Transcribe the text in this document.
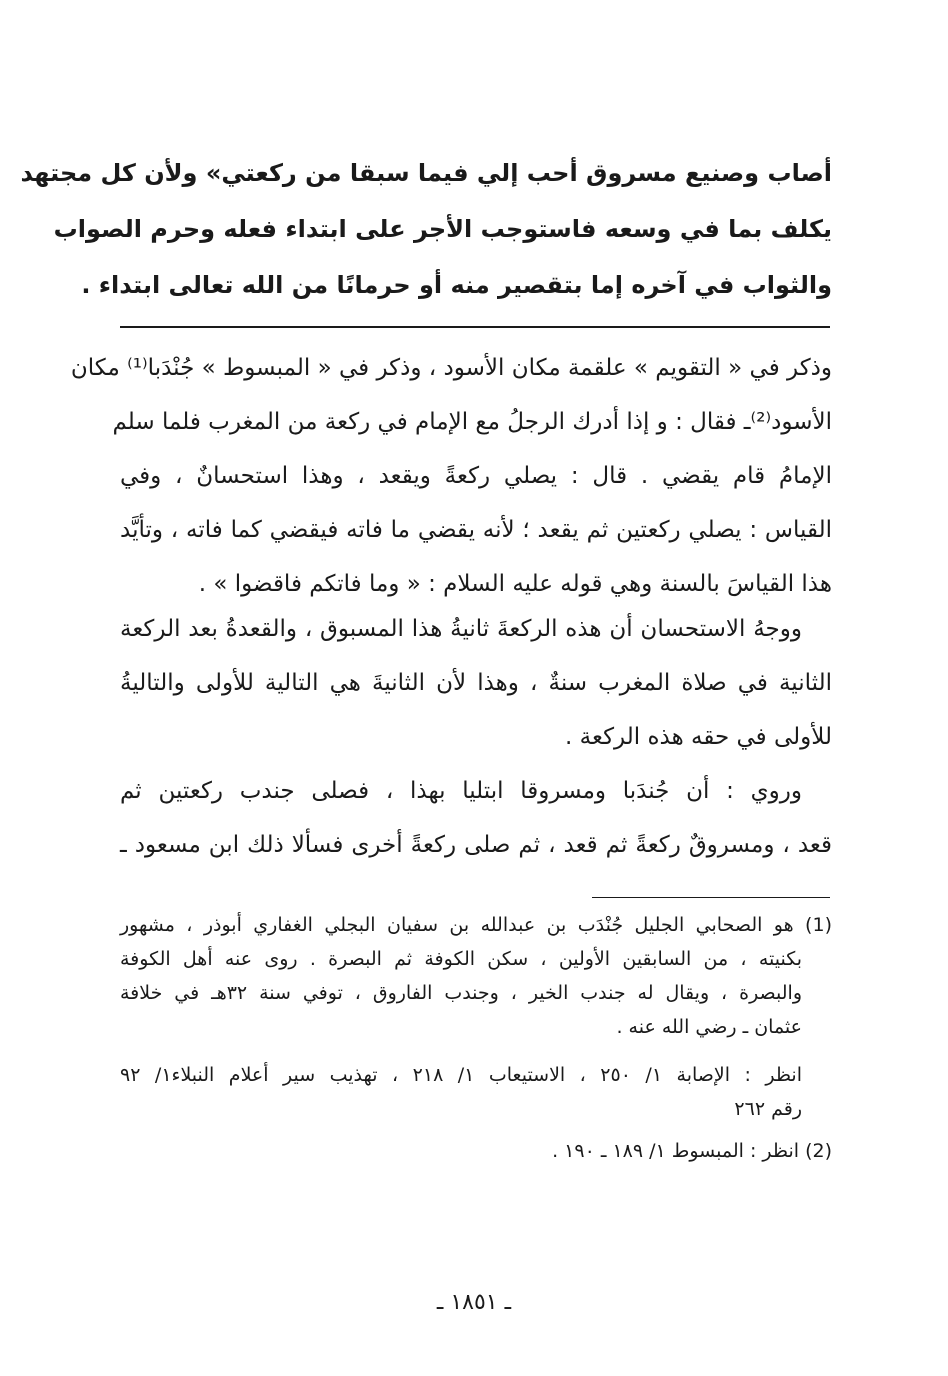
أصاب وصنيع مسروق أحب إلي فيما سبقا من ركعتي» ولأن كل مجتهد
يكلف بما في وسعه فاستوجب الأجر على ابتداء فعله وحرم الصواب
والثواب في آخره إما بتقصير منه أو حرمانًا من الله تعالى ابتداء .
وذكر في « التقويم » علقمة مكان الأسود ، وذكر في « المبسوط » جُنْدَبا⁽¹⁾ مكان
الأسود⁽²⁾ـ فقال : و إذا أدرك الرجلُ مع الإمام في ركعة من المغرب فلما سلم
الإمامُ قام يقضي . قال : يصلي ركعةً ويقعد ، وهذا استحسانٌ ، وفي
القياس : يصلي ركعتين ثم يقعد ؛ لأنه يقضي ما فاته فيقضي كما فاته ، وتأيَّد
هذا القياسَ بالسنة وهي قوله عليه السلام : « وما فاتكم فاقضوا » .
ووجهُ الاستحسان أن هذه الركعةَ ثانيةُ هذا المسبوق ، والقعدةُ بعد الركعة
الثانية في صلاة المغرب سنةٌ ، وهذا لأن الثانيةَ هي التالية للأولى والتاليةُ
للأولى في حقه هذه الركعة .
وروي : أن جُندَبا ومسروقا ابتليا بهذا ، فصلى جندب ركعتين ثم
قعد ، ومسروقٌ ركعةً ثم قعد ، ثم صلى ركعةً أخرى فسألا ذلك ابن مسعود ـ
(1) هو الصحابي الجليل جُنْدَب بن عبدالله بن سفيان البجلي الغفاري أبوذر ، مشهور
بكنيته ، من السابقين الأولين ، سكن الكوفة ثم البصرة . روى عنه أهل الكوفة
والبصرة ، ويقال له جندب الخير ، وجندب الفاروق ، توفي سنة ٣٢هـ في خلافة
عثمان ـ رضي الله عنه .
انظر : الإصابة ١/ ٢٥٠ ، الاستيعاب ١/ ٢١٨ ، تهذيب سير أعلام النبلاء١/ ٩٢
رقم ٢٦٢
(2) انظر : المبسوط ١/ ١٨٩ ـ ١٩٠ .
ـ ١٨٥١ ـ
